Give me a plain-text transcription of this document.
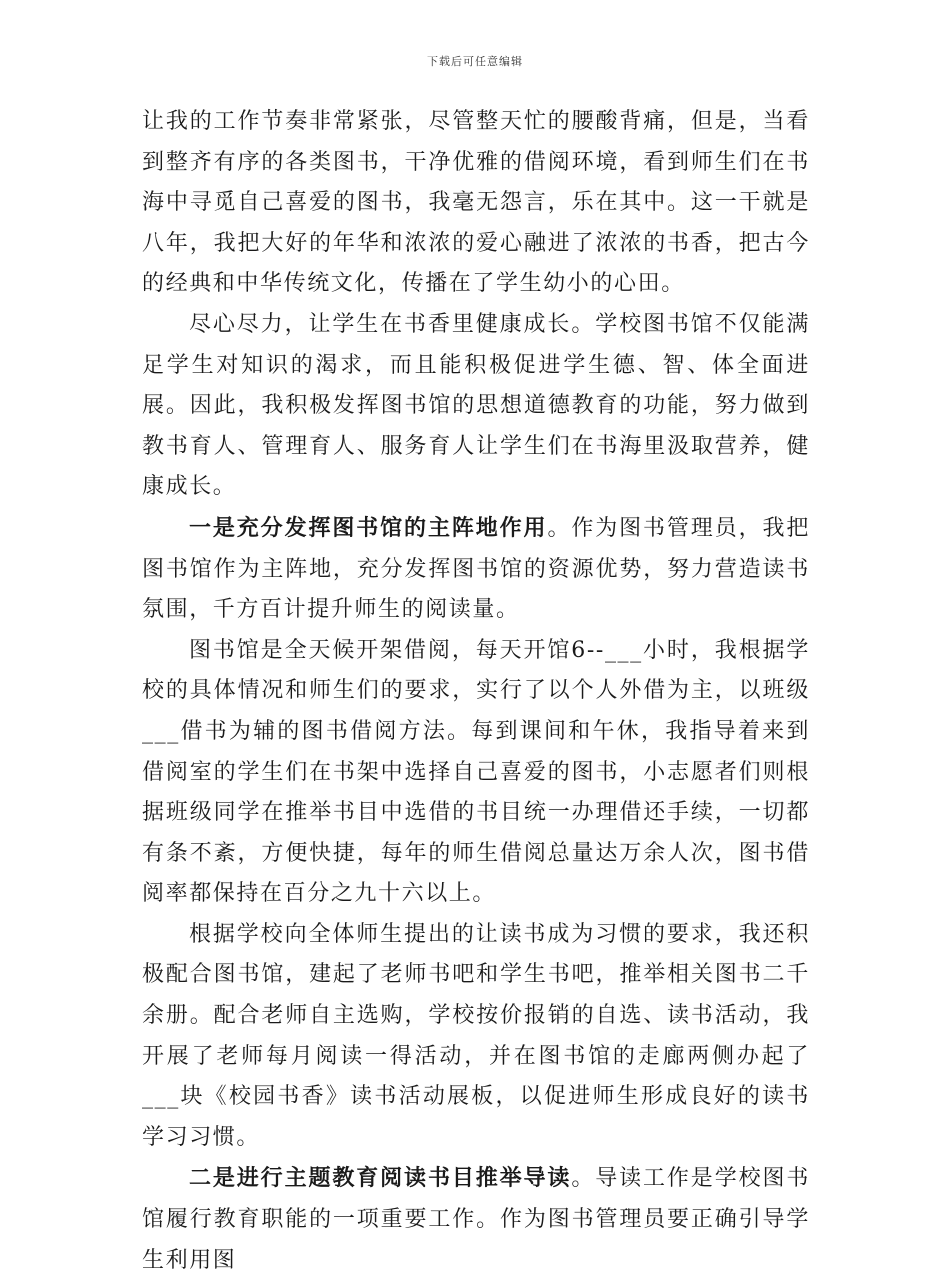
下载后可任意编辑

让我的工作节奏非常紧张，尽管整天忙的腰酸背痛，但是，当看到整齐有序的各类图书，干净优雅的借阅环境，看到师生们在书海中寻觅自己喜爱的图书，我毫无怨言，乐在其中。这一干就是八年，我把大好的年华和浓浓的爱心融进了浓浓的书香，把古今的经典和中华传统文化，传播在了学生幼小的心田。

尽心尽力，让学生在书香里健康成长。学校图书馆不仅能满足学生对知识的渴求，而且能积极促进学生德、智、体全面进展。因此，我积极发挥图书馆的思想道德教育的功能，努力做到教书育人、管理育人、服务育人让学生们在书海里汲取营养，健康成长。

一是充分发挥图书馆的主阵地作用。作为图书管理员，我把图书馆作为主阵地，充分发挥图书馆的资源优势，努力营造读书氛围，千方百计提升师生的阅读量。

图书馆是全天候开架借阅，每天开馆6--___小时，我根据学校的具体情况和师生们的要求，实行了以个人外借为主，以班级___借书为辅的图书借阅方法。每到课间和午休，我指导着来到借阅室的学生们在书架中选择自己喜爱的图书，小志愿者们则根据班级同学在推举书目中选借的书目统一办理借还手续，一切都有条不紊，方便快捷，每年的师生借阅总量达万余人次，图书借阅率都保持在百分之九十六以上。

根据学校向全体师生提出的让读书成为习惯的要求，我还积极配合图书馆，建起了老师书吧和学生书吧，推举相关图书二千余册。配合老师自主选购，学校按价报销的自选、读书活动，我开展了老师每月阅读一得活动，并在图书馆的走廊两侧办起了___块《校园书香》读书活动展板，以促进师生形成良好的读书学习习惯。

二是进行主题教育阅读书目推举导读。导读工作是学校图书馆履行教育职能的一项重要工作。作为图书管理员要正确引导学生利用图
